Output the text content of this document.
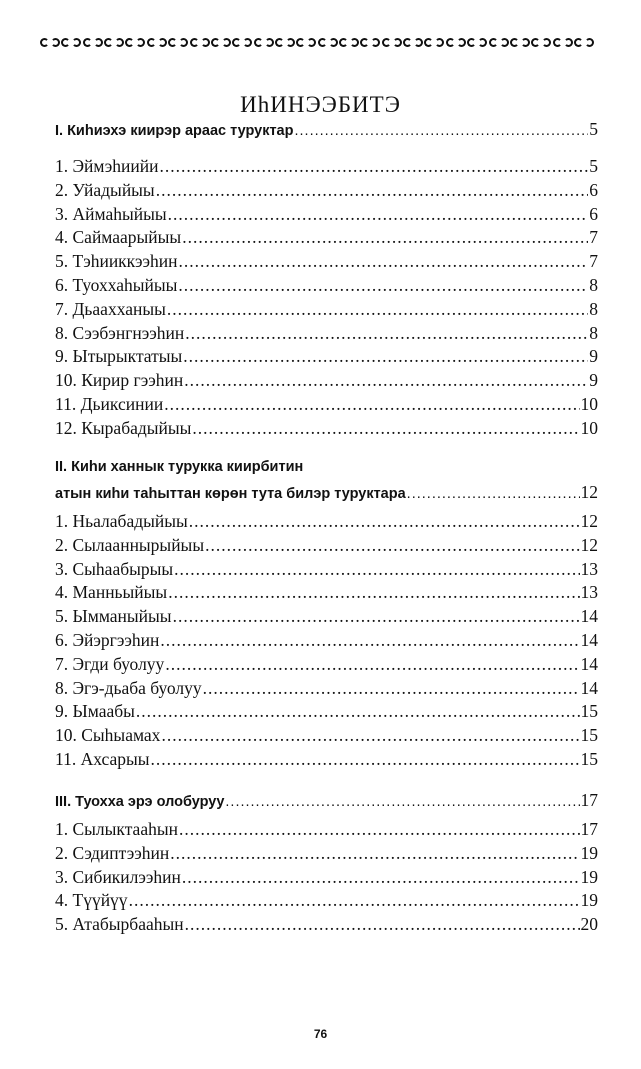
ИhИНЭЭБИТЭ
I. Киhиэхэ киирэр араас туруктар .....	5
1. Эймэhиийи .....	5
2. Уйадыйыы .....	6
3. Аймаhыйыы .....	6
4. Саймаарыйыы .....	7
5. Тэhииккээhин .....	7
6. Туоххаhыйыы .....	8
7. Дьаахханыы .....	8
8. Сээбэнгнээhин .....	8
9. Ытырыктатыы .....	9
10. Кирир гээhин .....	9
11. Дьиксинии .....	10
12. Кырабадыйыы .....	10
II. Киhи ханнык туруккa киирбитин
атын киhи таhыттан көрөн тута билэр туруктара .....	12
1. Ньалабадыйыы .....	12
2. Сылааннырыйыы .....	12
3. Сыhаабырыы .....	13
4. Манньыйыы .....	13
5. Ымманыйыы .....	14
6. Эйэргээhин .....	14
7. Эгди буолуу .....	14
8. Эгэ-дьаба буолуу .....	14
9. Ымаабы .....	15
10. Сыhыамах .....	15
11. Ахсарыы .....	15
III. Туохха эрэ олобуруу .....	17
1. Сылыктааhын .....	17
2. Сэдиптээhин .....	19
3. Сибикилээhин .....	19
4. Түүйүү .....	19
5. Атабырбааhын .....	20
76
